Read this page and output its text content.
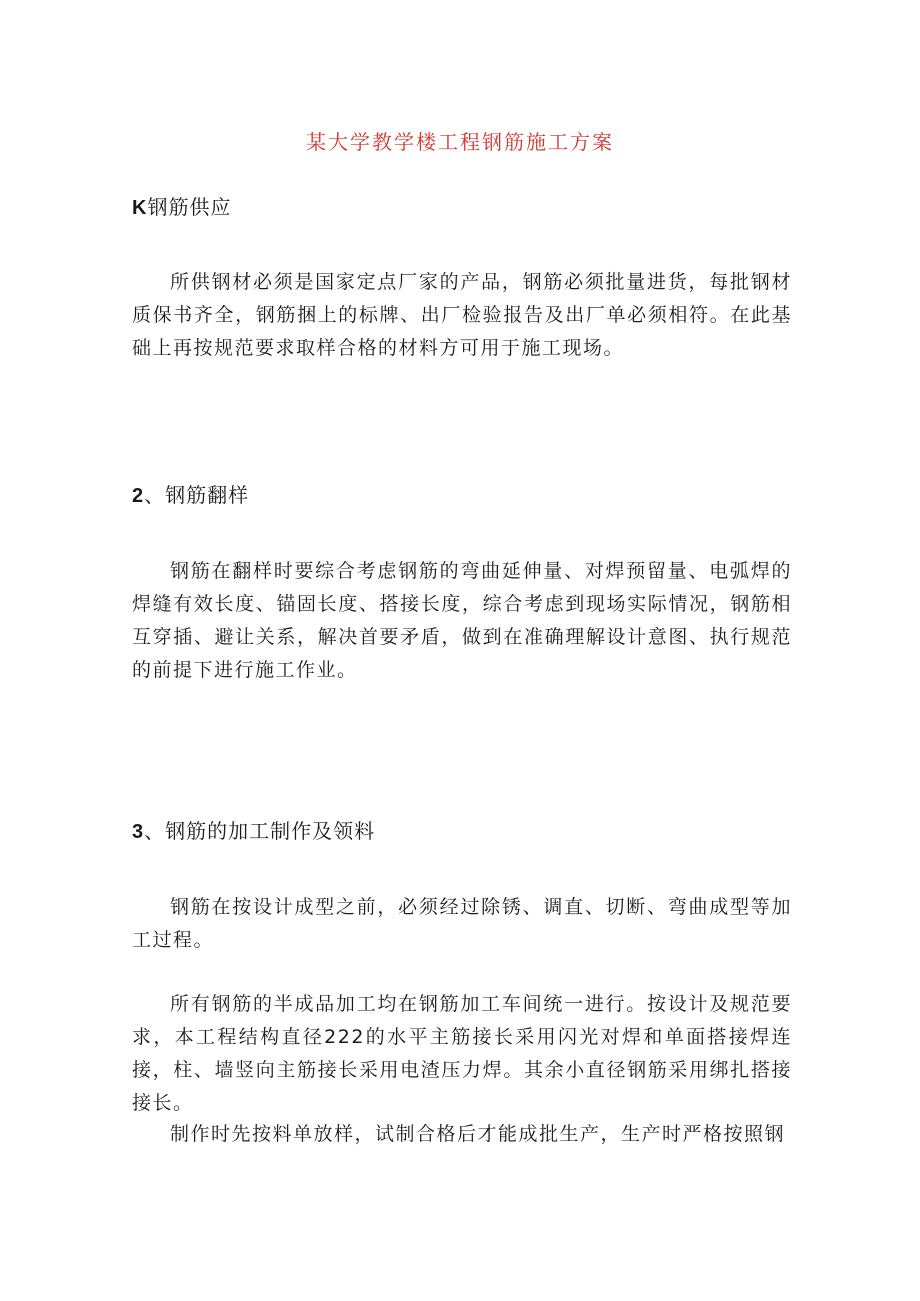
某大学教学楼工程钢筋施工方案
K钢筋供应

所供钢材必须是国家定点厂家的产品，钢筋必须批量进货，每批钢材质保书齐全，钢筋捆上的标牌、出厂检验报告及出厂单必须相符。在此基础上再按规范要求取样合格的材料方可用于施工现场。

2、钢筋翻样

钢筋在翻样时要综合考虑钢筋的弯曲延伸量、对焊预留量、电弧焊的焊缝有效长度、锚固长度、搭接长度，综合考虑到现场实际情况，钢筋相互穿插、避让关系，解决首要矛盾，做到在准确理解设计意图、执行规范的前提下进行施工作业。

3、钢筋的加工制作及领料

钢筋在按设计成型之前，必须经过除锈、调直、切断、弯曲成型等加工过程。

所有钢筋的半成品加工均在钢筋加工车间统一进行。按设计及规范要求，本工程结构直径222的水平主筋接长采用闪光对焊和单面搭接焊连接，柱、墙竖向主筋接长采用电渣压力焊。其余小直径钢筋采用绑扎搭接接长。

制作时先按料单放样，试制合格后才能成批生产，生产时严格按照钢
